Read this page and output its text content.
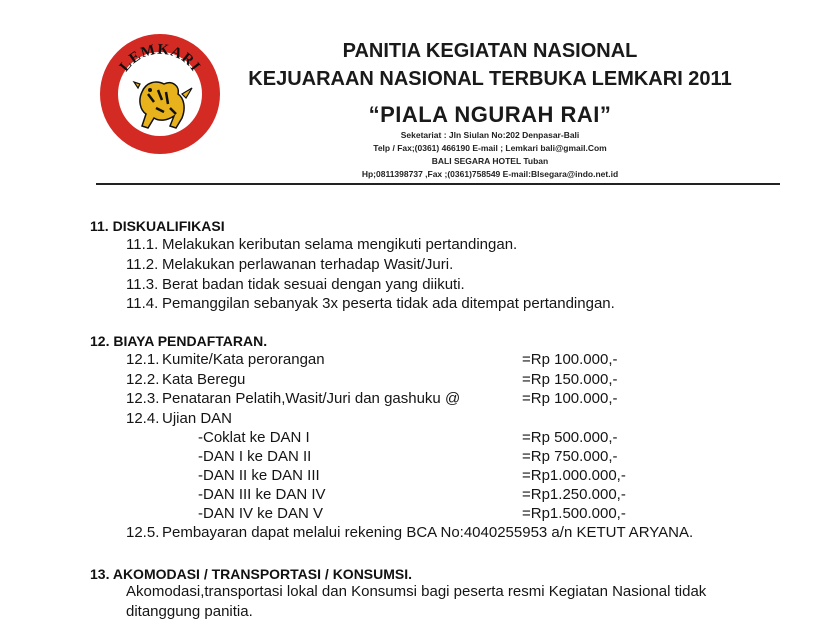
LEMKARI
PANITIA KEGIATAN NASIONAL
KEJUARAAN NASIONAL TERBUKA LEMKARI 2011
“PIALA NGURAH RAI”
Seketariat : Jln Siulan No:202 Denpasar-Bali
Telp / Fax;(0361) 466190 E-mail ; Lemkari bali@gmail.Com
BALI SEGARA HOTEL Tuban
Hp;0811398737 ,Fax ;(0361)758549 E-mail:Blsegara@indo.net.id
11. DISKUALIFIKASI
11.1. Melakukan keributan selama mengikuti pertandingan.
11.2. Melakukan perlawanan terhadap Wasit/Juri.
11.3. Berat badan tidak sesuai dengan yang diikuti.
11.4. Pemanggilan sebanyak 3x peserta tidak ada ditempat pertandingan.
12. BIAYA PENDAFTARAN.
12.1. Kumite/Kata perorangan	=Rp 100.000,-
12.2. Kata Beregu	=Rp 150.000,-
12.3. Penataran Pelatih,Wasit/Juri dan gashuku @	=Rp 100.000,-
12.4. Ujian DAN
-Coklat ke DAN I	=Rp 500.000,-
-DAN I ke DAN II	=Rp 750.000,-
-DAN II ke DAN III	=Rp1.000.000,-
-DAN III ke DAN IV	=Rp1.250.000,-
-DAN IV ke DAN V	=Rp1.500.000,-
12.5. Pembayaran dapat melalui rekening BCA No:4040255953 a/n KETUT ARYANA.
13. AKOMODASI / TRANSPORTASI / KONSUMSI.
Akomodasi,transportasi lokal dan Konsumsi bagi peserta resmi Kegiatan Nasional tidak
ditanggung panitia.
